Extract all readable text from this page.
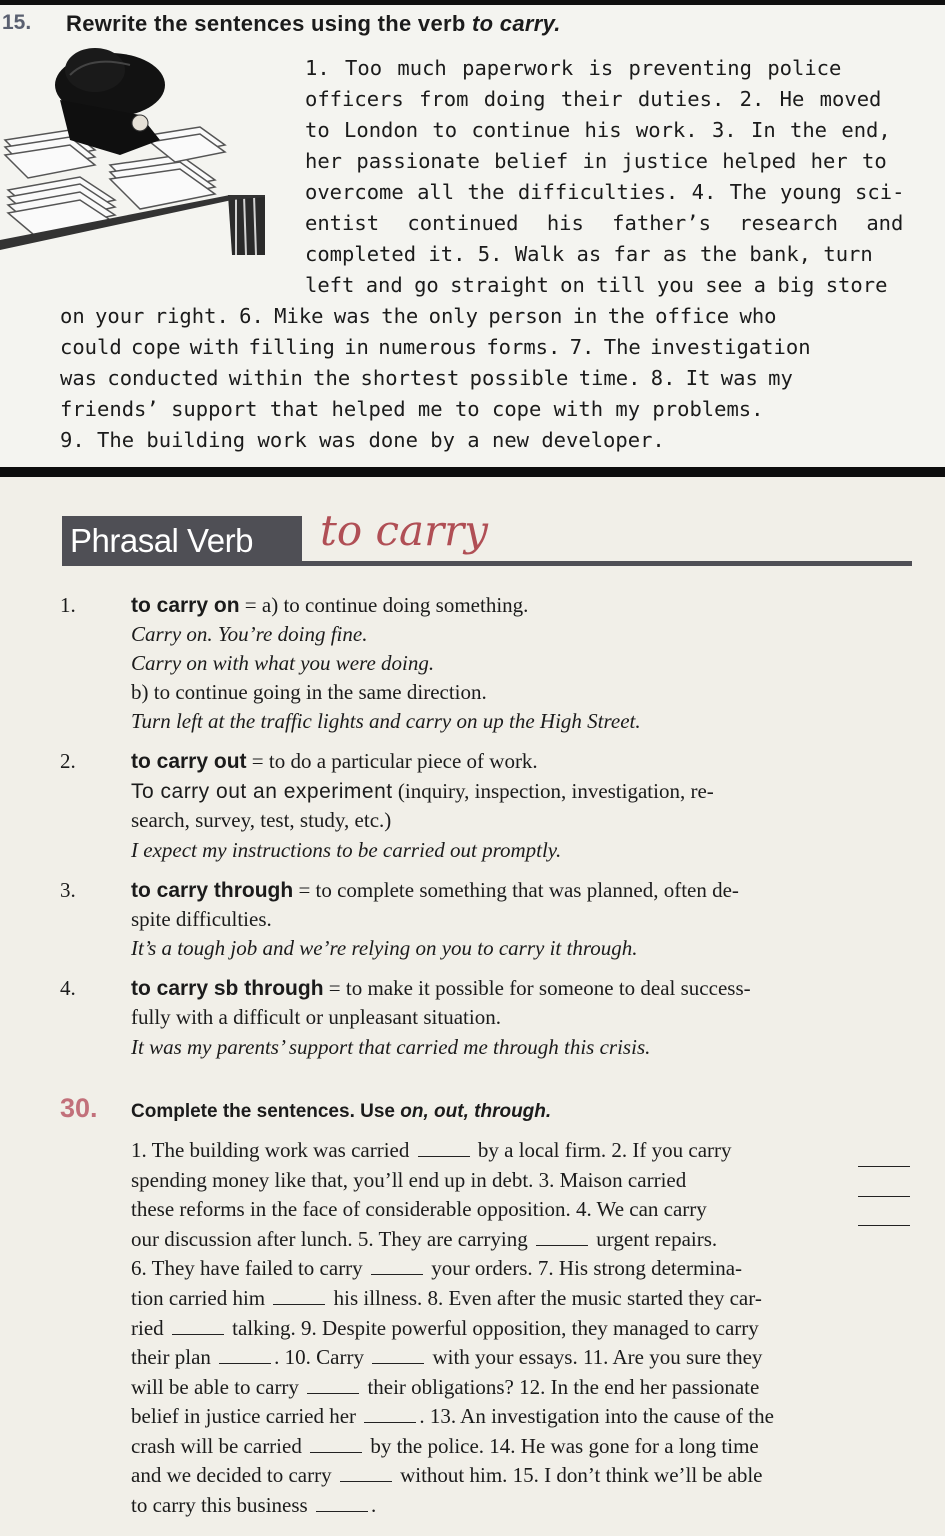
15. Rewrite the sentences using the verb to carry.
1. Too much paperwork is preventing police
officers from doing their duties. 2. He moved
to London to continue his work. 3. In the end,
her passionate belief in justice helped her to
overcome all the difficulties. 4. The young sci-
entist continued his father’s research and
completed it. 5. Walk as far as the bank, turn
left and go straight on till you see a big store
on your right. 6. Mike was the only person in the office who
could cope with filling in numerous forms. 7. The investigation
was conducted within the shortest possible time. 8. It was my
friends’ support that helped me to cope with my problems.
9. The building work was done by a new developer.
Phrasal Verb to carry
1.	to carry on = a) to continue doing something.
Carry on. You’re doing fine.
Carry on with what you were doing.
b) to continue going in the same direction.
Turn left at the traffic lights and carry on up the High Street.
2.	to carry out = to do a particular piece of work.
To carry out an experiment (inquiry, inspection, investigation, re-
search, survey, test, study, etc.)
I expect my instructions to be carried out promptly.
3.	to carry through = to complete something that was planned, often de-
spite difficulties.
It’s a tough job and we’re relying on you to carry it through.
4.	to carry sb through = to make it possible for someone to deal success-
fully with a difficult or unpleasant situation.
It was my parents’ support that carried me through this crisis.
30. Complete the sentences. Use on, out, through.
1. The building work was carried	by a local firm. 2. If you carry
spending money like that, you’ll end up in debt. 3. Maison carried
these reforms in the face of considerable opposition. 4. We can carry
our discussion after lunch. 5. They are carrying	urgent repairs.
6. They have failed to carry	your orders. 7. His strong determina-
tion carried him	his illness. 8. Even after the music started they car-
ried	talking. 9. Despite powerful opposition, they managed to carry
their plan	. 10. Carry	with your essays. 11. Are you sure they
will be able to carry	their obligations? 12. In the end her passionate
belief in justice carried her	. 13. An investigation into the cause of the
crash will be carried	by the police. 14. He was gone for a long time
and we decided to carry	without him. 15. I don’t think we’ll be able
to carry this business	.
